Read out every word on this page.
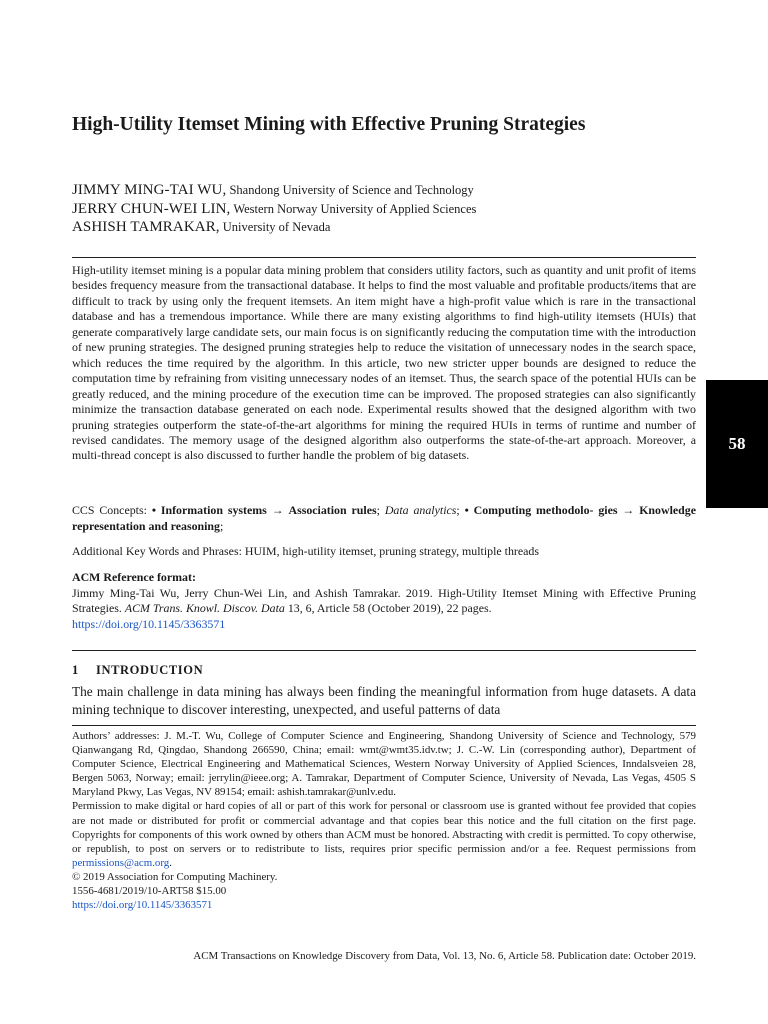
High-Utility Itemset Mining with Effective Pruning Strategies
JIMMY MING-TAI WU, Shandong University of Science and Technology
JERRY CHUN-WEI LIN, Western Norway University of Applied Sciences
ASHISH TAMRAKAR, University of Nevada

High-utility itemset mining is a popular data mining problem that considers utility factors, such as quantity and unit profit of items besides frequency measure from the transactional database. It helps to find the most valuable and profitable products/items that are difficult to track by using only the frequent itemsets. An item might have a high-profit value which is rare in the transactional database and has a tremendous importance. While there are many existing algorithms to find high-utility itemsets (HUIs) that generate comparatively large candidate sets, our main focus is on significantly reducing the computation time with the introduction of new pruning strategies. The designed pruning strategies help to reduce the visitation of unnecessary nodes in the search space, which reduces the time required by the algorithm. In this article, two new stricter upper bounds are designed to reduce the computation time by refraining from visiting unnecessary nodes of an itemset. Thus, the search space of the potential HUIs can be greatly reduced, and the mining procedure of the execution time can be improved. The proposed strategies can also significantly minimize the transaction database generated on each node. Experimental results showed that the designed algorithm with two pruning strategies outperform the state-of-the-art algorithms for mining the required HUIs in terms of runtime and number of revised candidates. The memory usage of the designed algorithm also outperforms the state-of-the-art approach. Moreover, a multi-thread concept is also discussed to further handle the problem of big datasets.

CCS Concepts: • Information systems → Association rules; Data analytics; • Computing methodolo- gies → Knowledge representation and reasoning;

Additional Key Words and Phrases: HUIM, high-utility itemset, pruning strategy, multiple threads

ACM Reference format:

Jimmy Ming-Tai Wu, Jerry Chun-Wei Lin, and Ashish Tamrakar. 2019. High-Utility Itemset Mining with Effective Pruning Strategies. ACM Trans. Knowl. Discov. Data 13, 6, Article 58 (October 2019), 22 pages.
https://doi.org/10.1145/3363571

1 INTRODUCTION

The main challenge in data mining has always been finding the meaningful information from huge datasets. A data mining technique to discover interesting, unexpected, and useful patterns of data

Authors’ addresses: J. M.-T. Wu, College of Computer Science and Engineering, Shandong University of Science and Technology, 579 Qianwangang Rd, Qingdao, Shandong 266590, China; email: wmt@wmt35.idv.tw; J. C.-W. Lin (corresponding author), Department of Computer Science, Electrical Engineering and Mathematical Sciences, Western Norway University of Applied Sciences, Inndalsveien 28, Bergen 5063, Norway; email: jerrylin@ieee.org; A. Tamrakar, Department of Computer Science, University of Nevada, Las Vegas, 4505 S Maryland Pkwy, Las Vegas, NV 89154; email: ashish.tamrakar@unlv.edu.

Permission to make digital or hard copies of all or part of this work for personal or classroom use is granted without fee provided that copies are not made or distributed for profit or commercial advantage and that copies bear this notice and the full citation on the first page. Copyrights for components of this work owned by others than ACM must be honored. Abstracting with credit is permitted. To copy otherwise, or republish, to post on servers or to redistribute to lists, requires prior specific permission and/or a fee. Request permissions from permissions@acm.org.

© 2019 Association for Computing Machinery.

1556-4681/2019/10-ART58 $15.00

https://doi.org/10.1145/3363571

ACM Transactions on Knowledge Discovery from Data, Vol. 13, No. 6, Article 58. Publication date: October 2019.
58
